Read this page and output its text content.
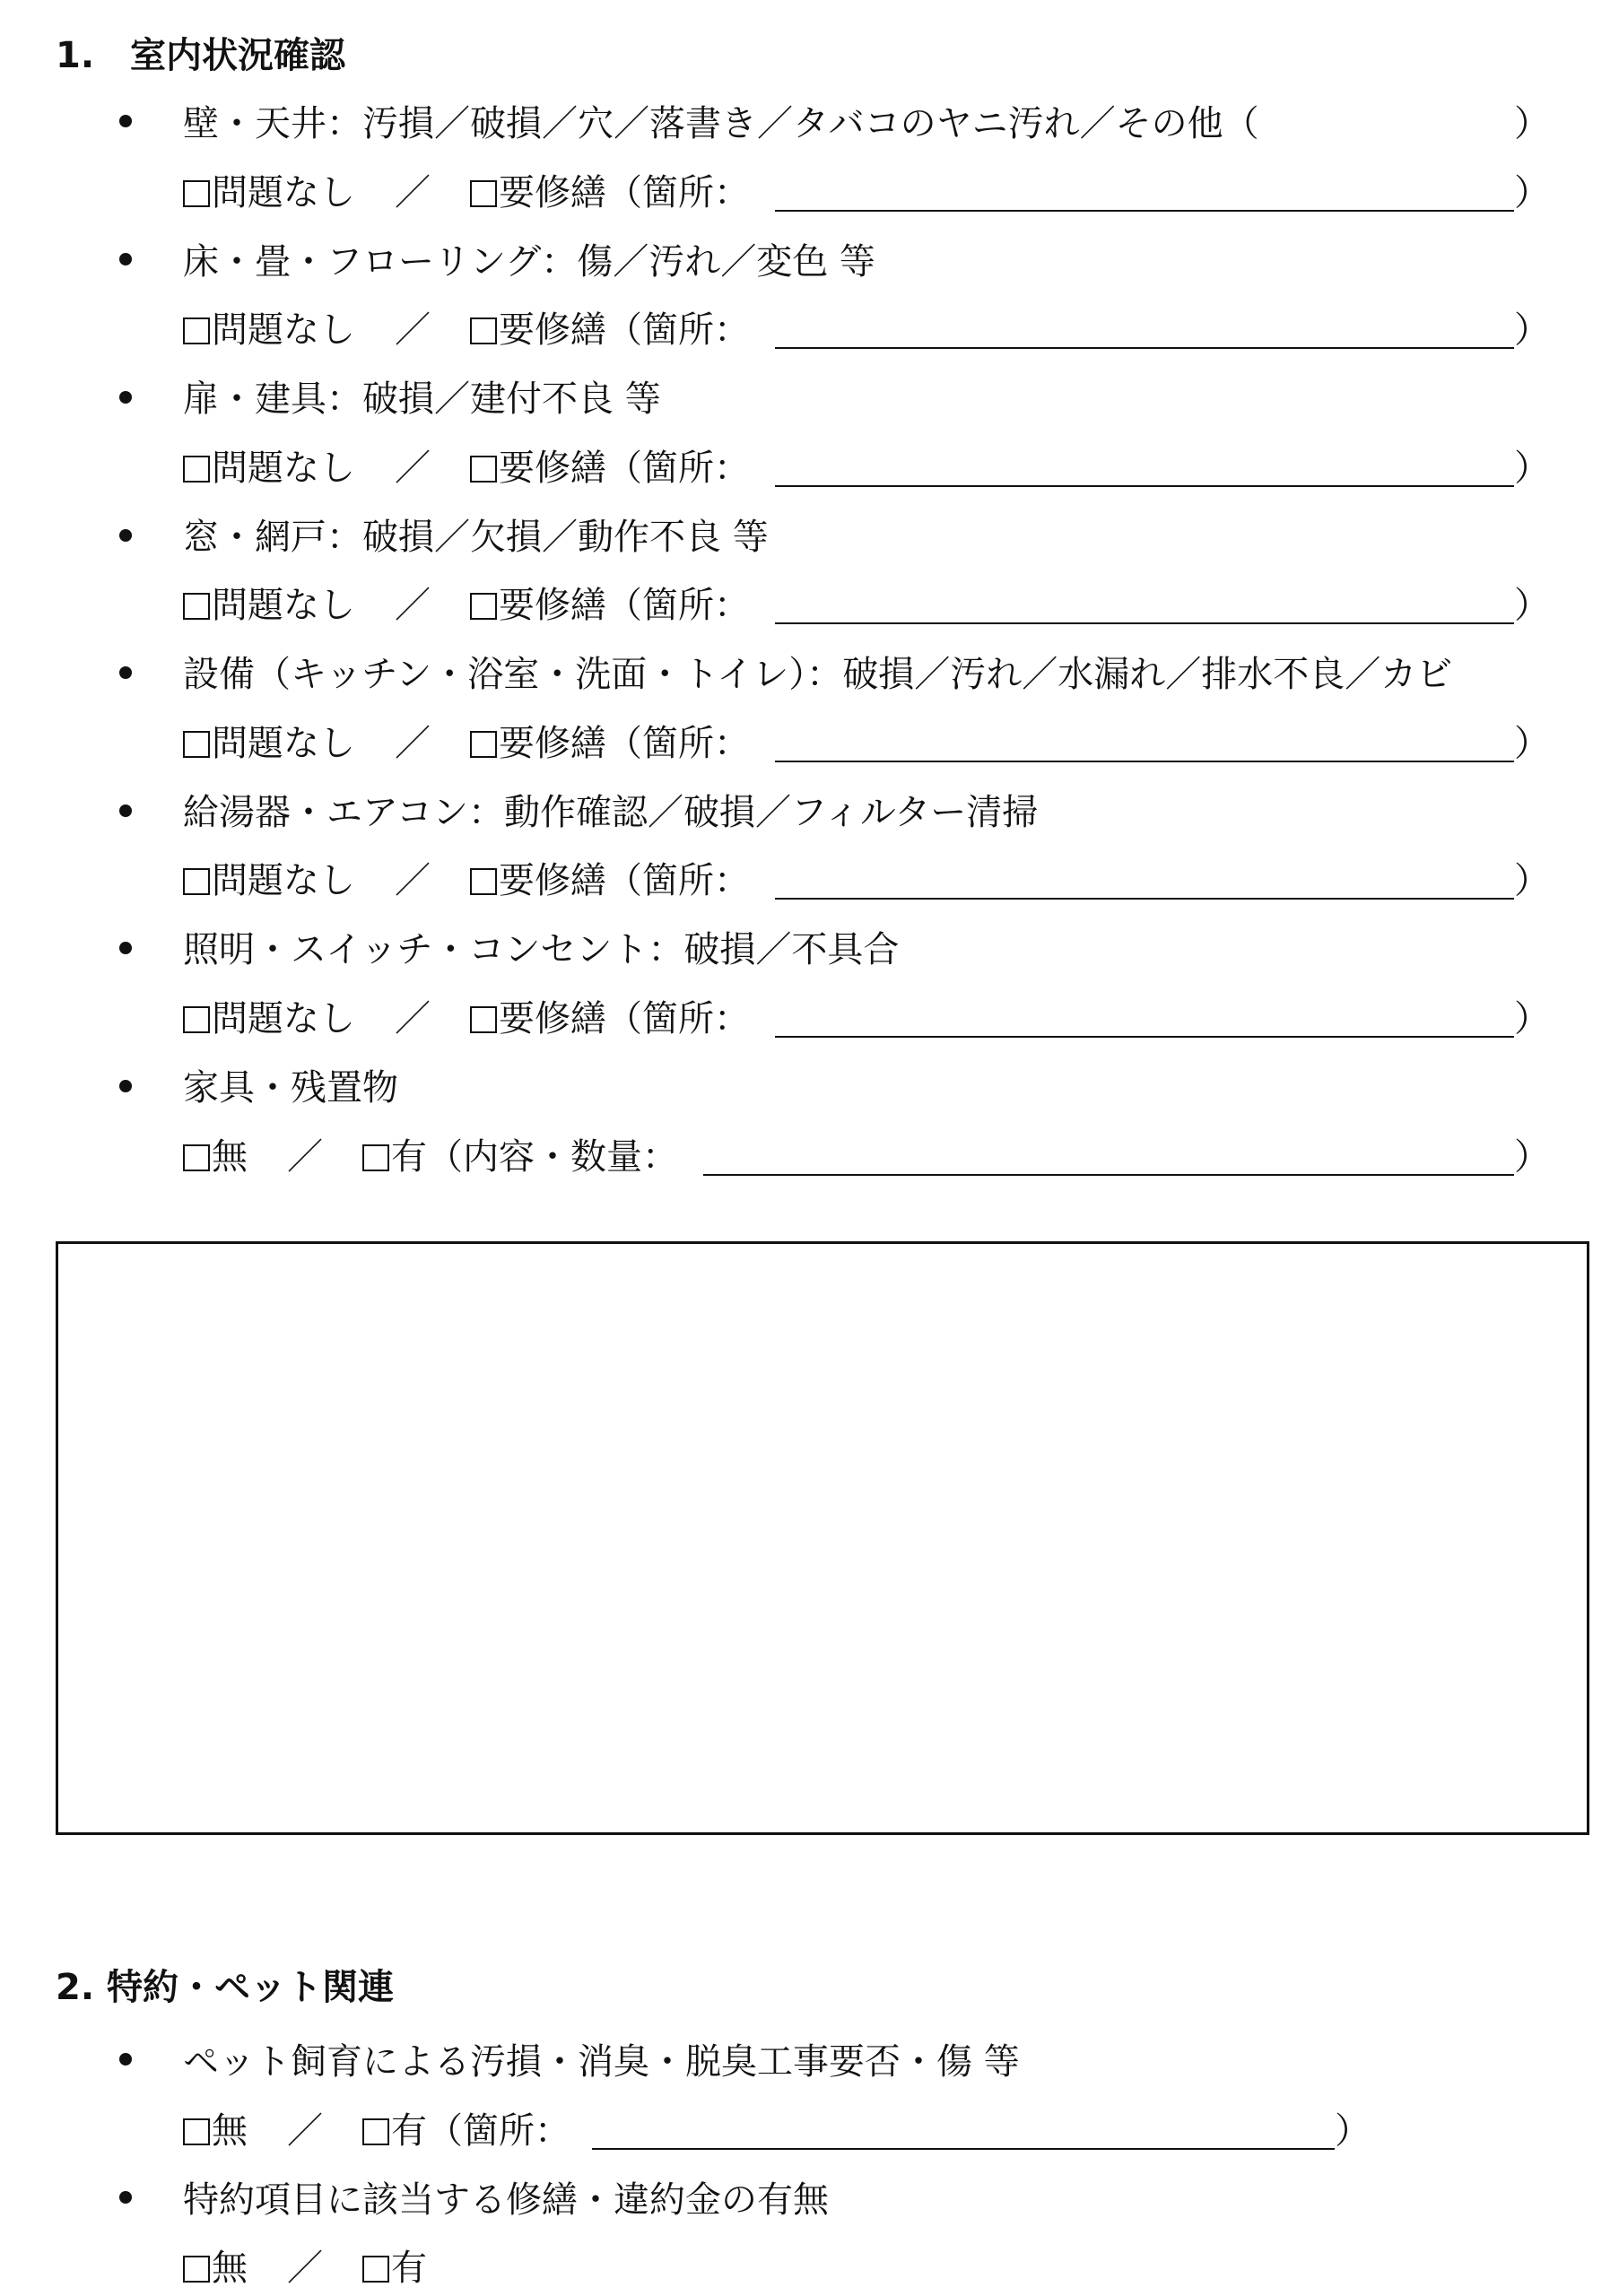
1.　室内状況確認
壁・天井：汚損／破損／穴／落書き／タバコのヤニ汚れ／その他（	）
問題なし ／ 要修繕（箇所：	）
床・畳・フローリング：傷／汚れ／変色 等
問題なし ／ 要修繕（箇所：	）
扉・建具：破損／建付不良 等
問題なし ／ 要修繕（箇所：	）
窓・網戸：破損／欠損／動作不良 等
問題なし ／ 要修繕（箇所：	）
設備（キッチン・浴室・洗面・トイレ）：破損／汚れ／水漏れ／排水不良／カビ
問題なし ／ 要修繕（箇所：	）
給湯器・エアコン：動作確認／破損／フィルター清掃
問題なし ／ 要修繕（箇所：	）
照明・スイッチ・コンセント：破損／不具合
問題なし ／ 要修繕（箇所：	）
家具・残置物
無 ／ 有（内容・数量：	）
2. 特約・ペット関連
ペット飼育による汚損・消臭・脱臭工事要否・傷 等
無 ／ 有（箇所：	）
特約項目に該当する修繕・違約金の有無
無 ／ 有
